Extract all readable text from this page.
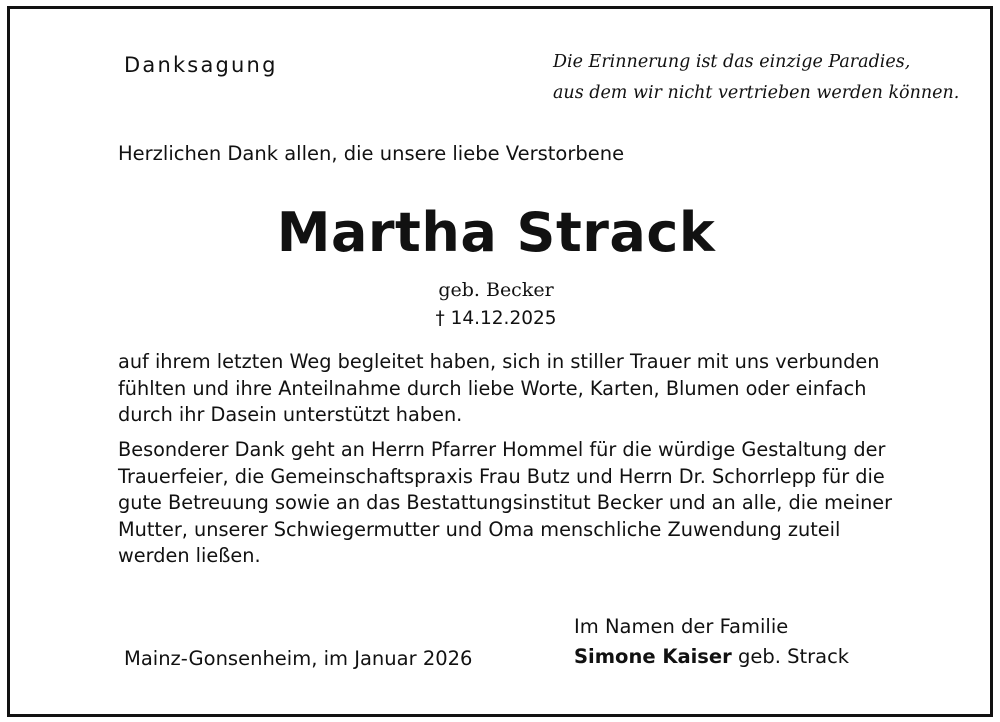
Danksagung	Die Erinnerung ist das einzige Paradies,
aus dem wir nicht vertrieben werden können.
Herzlichen Dank allen, die unsere liebe Verstorbene
Martha Strack
geb. Becker
† 14.12.2025
auf ihrem letzten Weg begleitet haben, sich in stiller Trauer mit uns verbunden
fühlten und ihre Anteilnahme durch liebe Worte, Karten, Blumen oder einfach
durch ihr Dasein unterstützt haben.
Besonderer Dank geht an Herrn Pfarrer Hommel für die würdige Gestaltung der
Trauerfeier, die Gemeinschaftspraxis Frau Butz und Herrn Dr. Schorrlepp für die
gute Betreuung sowie an das Bestattungsinstitut Becker und an alle, die meiner
Mutter, unserer Schwiegermutter und Oma menschliche Zuwendung zuteil
werden ließen.
Im Namen der Familie
Simone Kaiser geb. Strack
Mainz-Gonsenheim, im Januar 2026
